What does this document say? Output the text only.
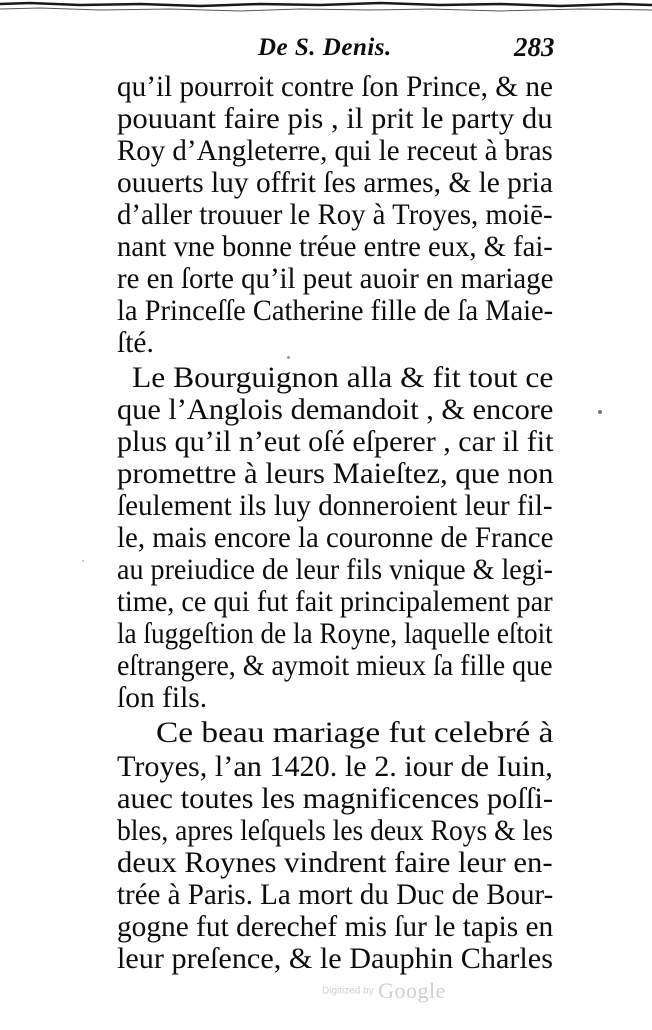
De S. Denis.	283
qu’il pourroit contre ſon Prince, & ne
pouuant faire pis , il prit le party du
Roy d’Angleterre, qui le receut à bras
ouuerts luy offrit ſes armes, & le pria
d’aller trouuer le Roy à Troyes, moiē-
nant vne bonne tréue entre eux, & fai-
re en ſorte qu’il peut auoir en mariage
la Princeſſe Catherine fille de ſa Maie-
ſté.
Le Bourguignon alla & fit tout ce
que l’Anglois demandoit , & encore
plus qu’il n’eut oſé eſperer , car il fit
promettre à leurs Maieſtez, que non
ſeulement ils luy donneroient leur fil-
le, mais encore la couronne de France
au preiudice de leur fils vnique & legi-
time, ce qui fut fait principalement par
la ſuggeſtion de la Royne, laquelle eſtoit
eſtrangere, & aymoit mieux ſa fille que
ſon fils.
Ce beau mariage fut celebré à
Troyes, l’an 1420. le 2. iour de Iuin,
auec toutes les magnificences poſſi-
bles, apres leſquels les deux Roys & les
deux Roynes vindrent faire leur en-
trée à Paris. La mort du Duc de Bour-
gogne fut derechef mis ſur le tapis en
leur preſence, & le Dauphin Charles
Digitized by Google
